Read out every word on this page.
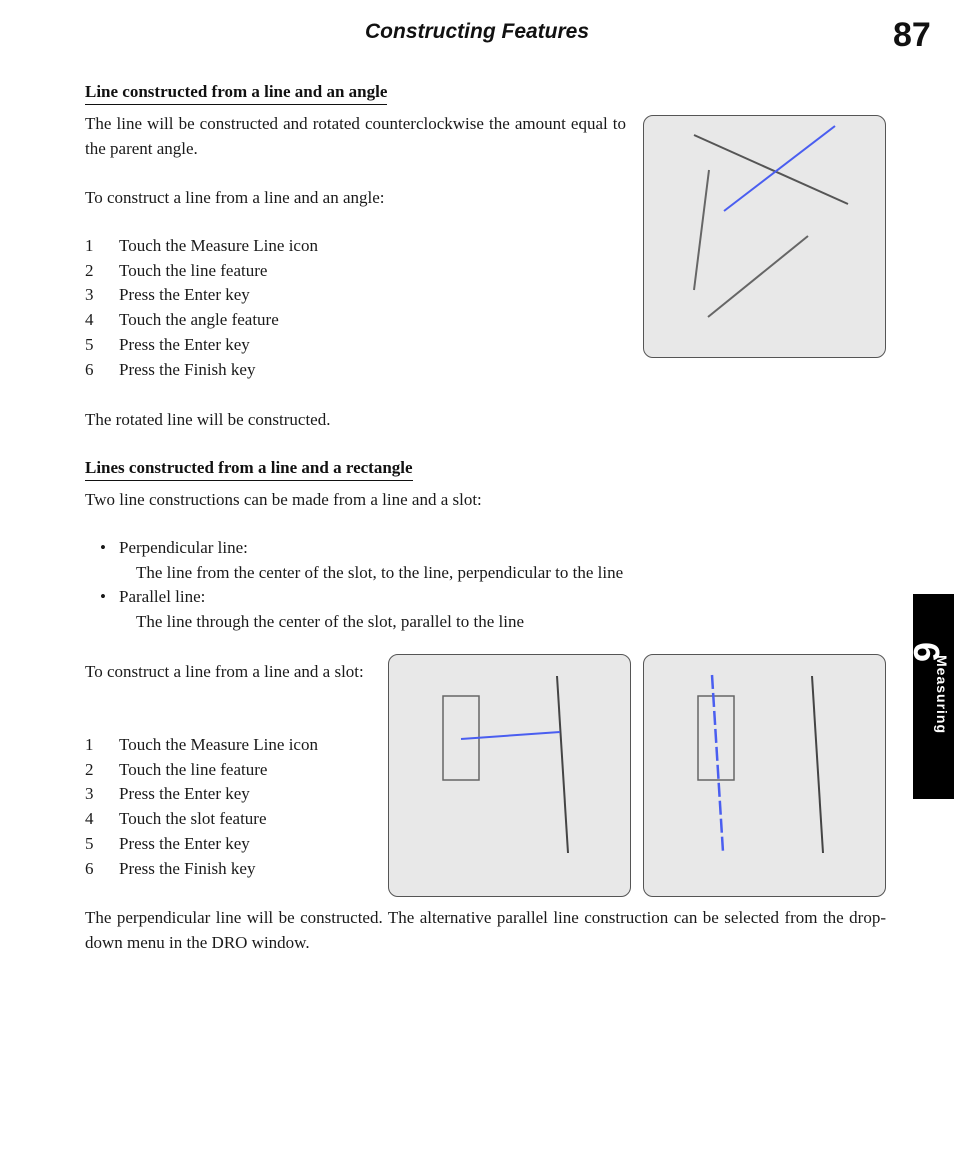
Constructing Features	87
Line constructed from a line and an angle

The line will be constructed and rotated counterclockwise the amount equal to the parent angle.

To construct a line from a line and an angle:

1 Touch the Measure Line icon
2 Touch the line feature
3 Press the Enter key
4 Touch the angle feature
5 Press the Enter key
6 Press the Finish key

The rotated line will be constructed.

Lines constructed from a line and a rectangle

Two line constructions can be made from a line and a slot:

• Perpendicular line:
The line from the center of the slot, to the line, perpendicular to the line
• Parallel line:
The line through the center of the slot, parallel to the line

To construct a line from a line and a slot:

1 Touch the Measure Line icon
2 Touch the line feature
3 Press the Enter key
4 Touch the slot feature
5 Press the Enter key
6 Press the Finish key

The perpendicular line will be constructed. The alternative parallel line construction can be selected from the drop-down menu in the DRO window.

6
Measuring
